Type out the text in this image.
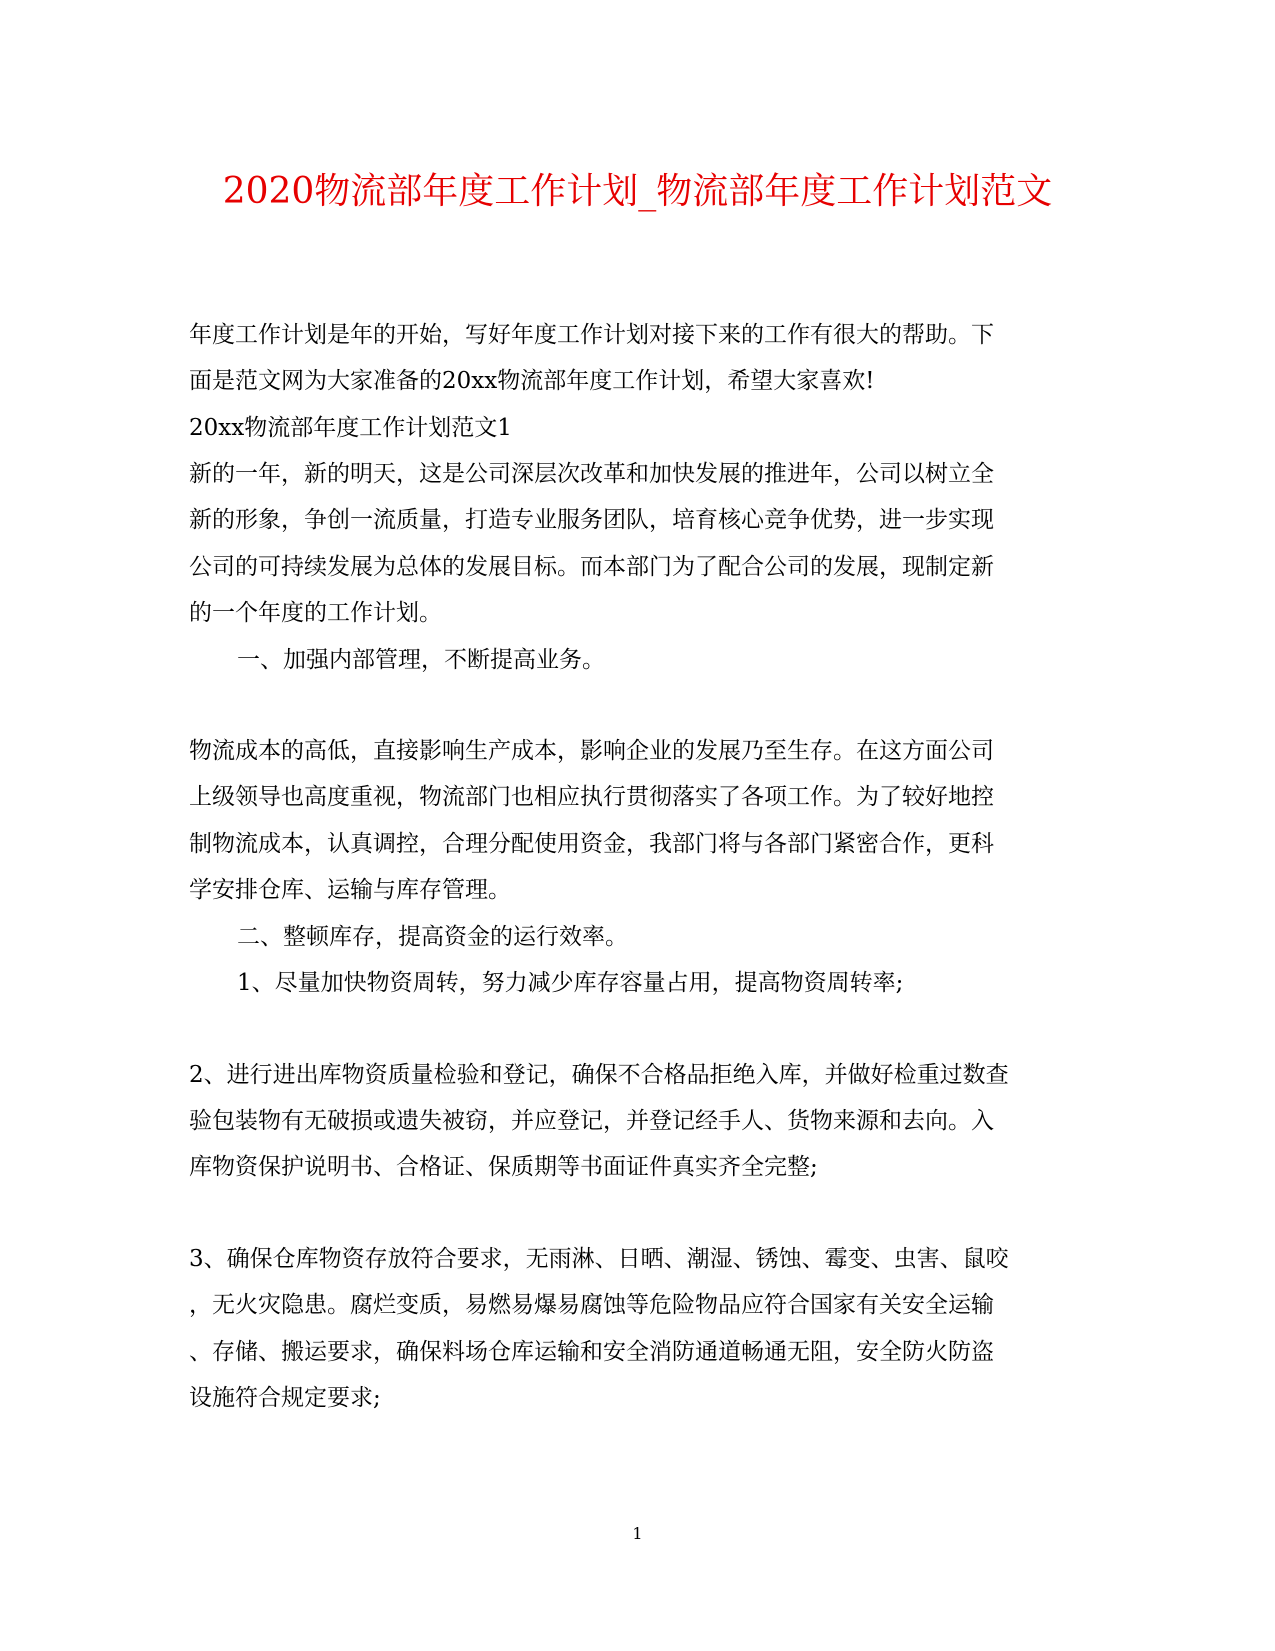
2020物流部年度工作计划_物流部年度工作计划范文
年度工作计划是年的开始，写好年度工作计划对接下来的工作有很大的帮助。下
面是范文网为大家准备的20xx物流部年度工作计划，希望大家喜欢!
20xx物流部年度工作计划范文1
新的一年，新的明天，这是公司深层次改革和加快发展的推进年，公司以树立全
新的形象，争创一流质量，打造专业服务团队，培育核心竞争优势，进一步实现
公司的可持续发展为总体的发展目标。而本部门为了配合公司的发展，现制定新
的一个年度的工作计划。
一、加强内部管理，不断提高业务。
物流成本的高低，直接影响生产成本，影响企业的发展乃至生存。在这方面公司
上级领导也高度重视，物流部门也相应执行贯彻落实了各项工作。为了较好地控
制物流成本，认真调控，合理分配使用资金，我部门将与各部门紧密合作，更科
学安排仓库、运输与库存管理。
二、整顿库存，提高资金的运行效率。
1、尽量加快物资周转，努力减少库存容量占用，提高物资周转率;
2、进行进出库物资质量检验和登记，确保不合格品拒绝入库，并做好检重过数查
验包装物有无破损或遗失被窃，并应登记，并登记经手人、货物来源和去向。入
库物资保护说明书、合格证、保质期等书面证件真实齐全完整;
3、确保仓库物资存放符合要求，无雨淋、日晒、潮湿、锈蚀、霉变、虫害、鼠咬
，无火灾隐患。腐烂变质，易燃易爆易腐蚀等危险物品应符合国家有关安全运输
、存储、搬运要求，确保料场仓库运输和安全消防通道畅通无阻，安全防火防盗
设施符合规定要求;
1
